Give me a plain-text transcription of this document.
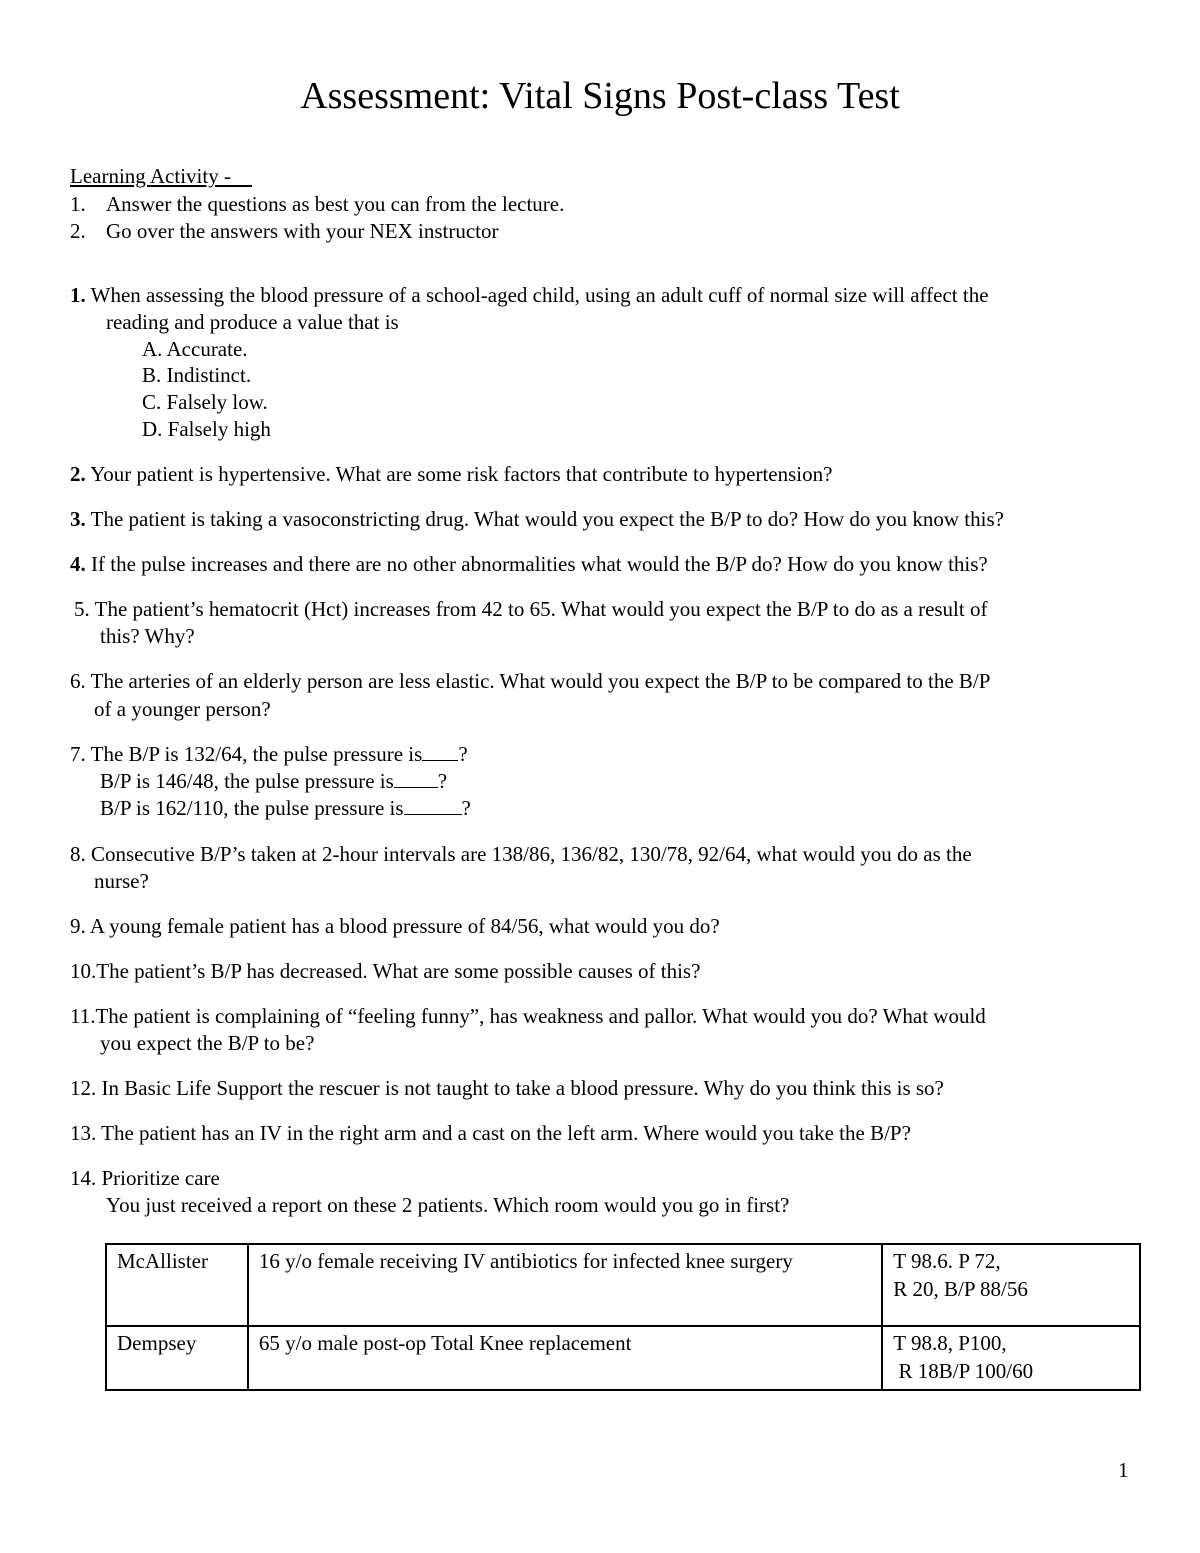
Assessment: Vital Signs Post-class Test
Learning Activity -
1. Answer the questions as best you can from the lecture.
2. Go over the answers with your NEX instructor
1. When assessing the blood pressure of a school-aged child, using an adult cuff of normal size will affect the
reading and produce a value that is
A. Accurate.
B. Indistinct.
C. Falsely low.
D. Falsely high
2. Your patient is hypertensive. What are some risk factors that contribute to hypertension?
3. The patient is taking a vasoconstricting drug. What would you expect the B/P to do? How do you know this?
4. If the pulse increases and there are no other abnormalities what would the B/P do? How do you know this?
5. The patient’s hematocrit (Hct) increases from 42 to 65. What would you expect the B/P to do as a result of
this? Why?
6. The arteries of an elderly person are less elastic. What would you expect the B/P to be compared to the B/P
of a younger person?
7. The B/P is 132/64, the pulse pressure is ?
B/P is 146/48, the pulse pressure is ?
B/P is 162/110, the pulse pressure is	?
8. Consecutive B/P’s taken at 2-hour intervals are 138/86, 136/82, 130/78, 92/64, what would you do as the
nurse?
9. A young female patient has a blood pressure of 84/56, what would you do?
10.The patient’s B/P has decreased. What are some possible causes of this?
11.The patient is complaining of “feeling funny”, has weakness and pallor. What would you do? What would
you expect the B/P to be?
12. In Basic Life Support the rescuer is not taught to take a blood pressure. Why do you think this is so?
13. The patient has an IV in the right arm and a cast on the left arm. Where would you take the B/P?
14. Prioritize care
You just received a report on these 2 patients. Which room would you go in first?
McAllister	16 y/o female receiving IV antibiotics for infected knee surgery	T 98.6. P 72,
R 20, B/P 88/56

Dempsey	65 y/o male post-op Total Knee replacement	T 98.8, P100,
R 18B/P 100/60
1
